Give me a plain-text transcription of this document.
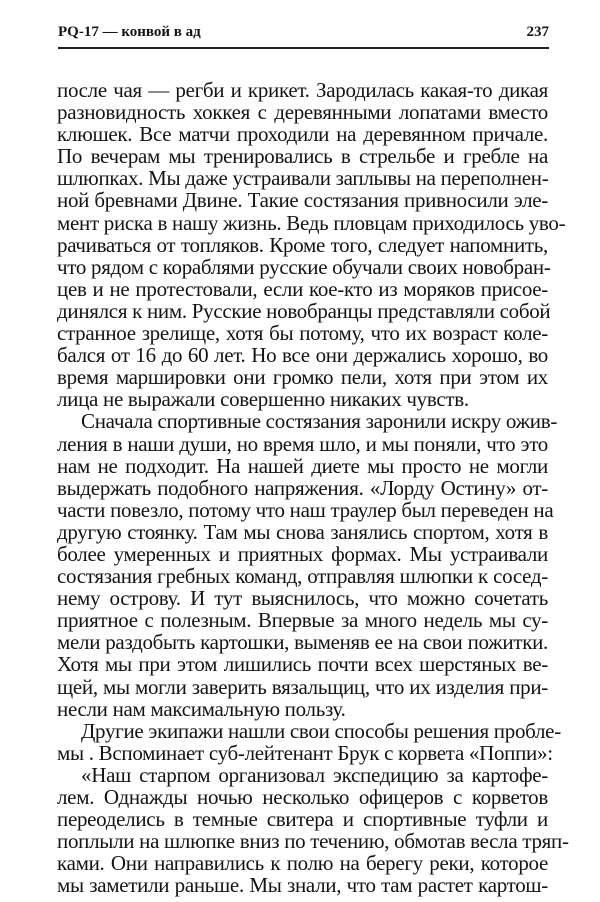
PQ-17 — конвой в ад	237
после чая — регби и крикет. Зародилась какая-то дикая
разновидность хоккея с деревянными лопатами вместо
клюшек. Все матчи проходили на деревянном причале.
По вечерам мы тренировались в стрельбе и гребле на
шлюпках. Мы даже устраивали заплывы на переполнен-
ной бревнами Двине. Такие состязания привносили эле-
мент риска в нашу жизнь. Ведь пловцам приходилось уво-
рачиваться от топляков. Кроме того, следует напомнить,
что рядом с кораблями русские обучали своих новобран-
цев и не протестовали, если кое-кто из моряков присое-
динялся к ним. Русские новобранцы представляли собой
странное зрелище, хотя бы потому, что их возраст коле-
бался от 16 до 60 лет. Но все они держались хорошо, во
время маршировки они громко пели, хотя при этом их
лица не выражали совершенно никаких чувств.
Сначала спортивные состязания заронили искру ожив-
ления в наши души, но время шло, и мы поняли, что это
нам не подходит. На нашей диете мы просто не могли
выдержать подобного напряжения. «Лорду Остину» от-
части повезло, потому что наш траулер был переведен на
другую стоянку. Там мы снова занялись спортом, хотя в
более умеренных и приятных формах. Мы устраивали
состязания гребных команд, отправляя шлюпки к сосед-
нему острову. И тут выяснилось, что можно сочетать
приятное с полезным. Впервые за много недель мы су-
мели раздобыть картошки, выменяв ее на свои пожитки.
Хотя мы при этом лишились почти всех шерстяных ве-
щей, мы могли заверить вязальщиц, что их изделия при-
несли нам максимальную пользу.
Другие экипажи нашли свои способы решения пробле-
мы . Вспоминает суб-лейтенант Брук с корвета «Поппи»:
«Наш старпом организовал экспедицию за картофе-
лем. Однажды ночью несколько офицеров с корветов
переоделись в темные свитера и спортивные туфли и
поплыли на шлюпке вниз по течению, обмотав весла тряп-
ками. Они направились к полю на берегу реки, которое
мы заметили раньше. Мы знали, что там растет картош-
